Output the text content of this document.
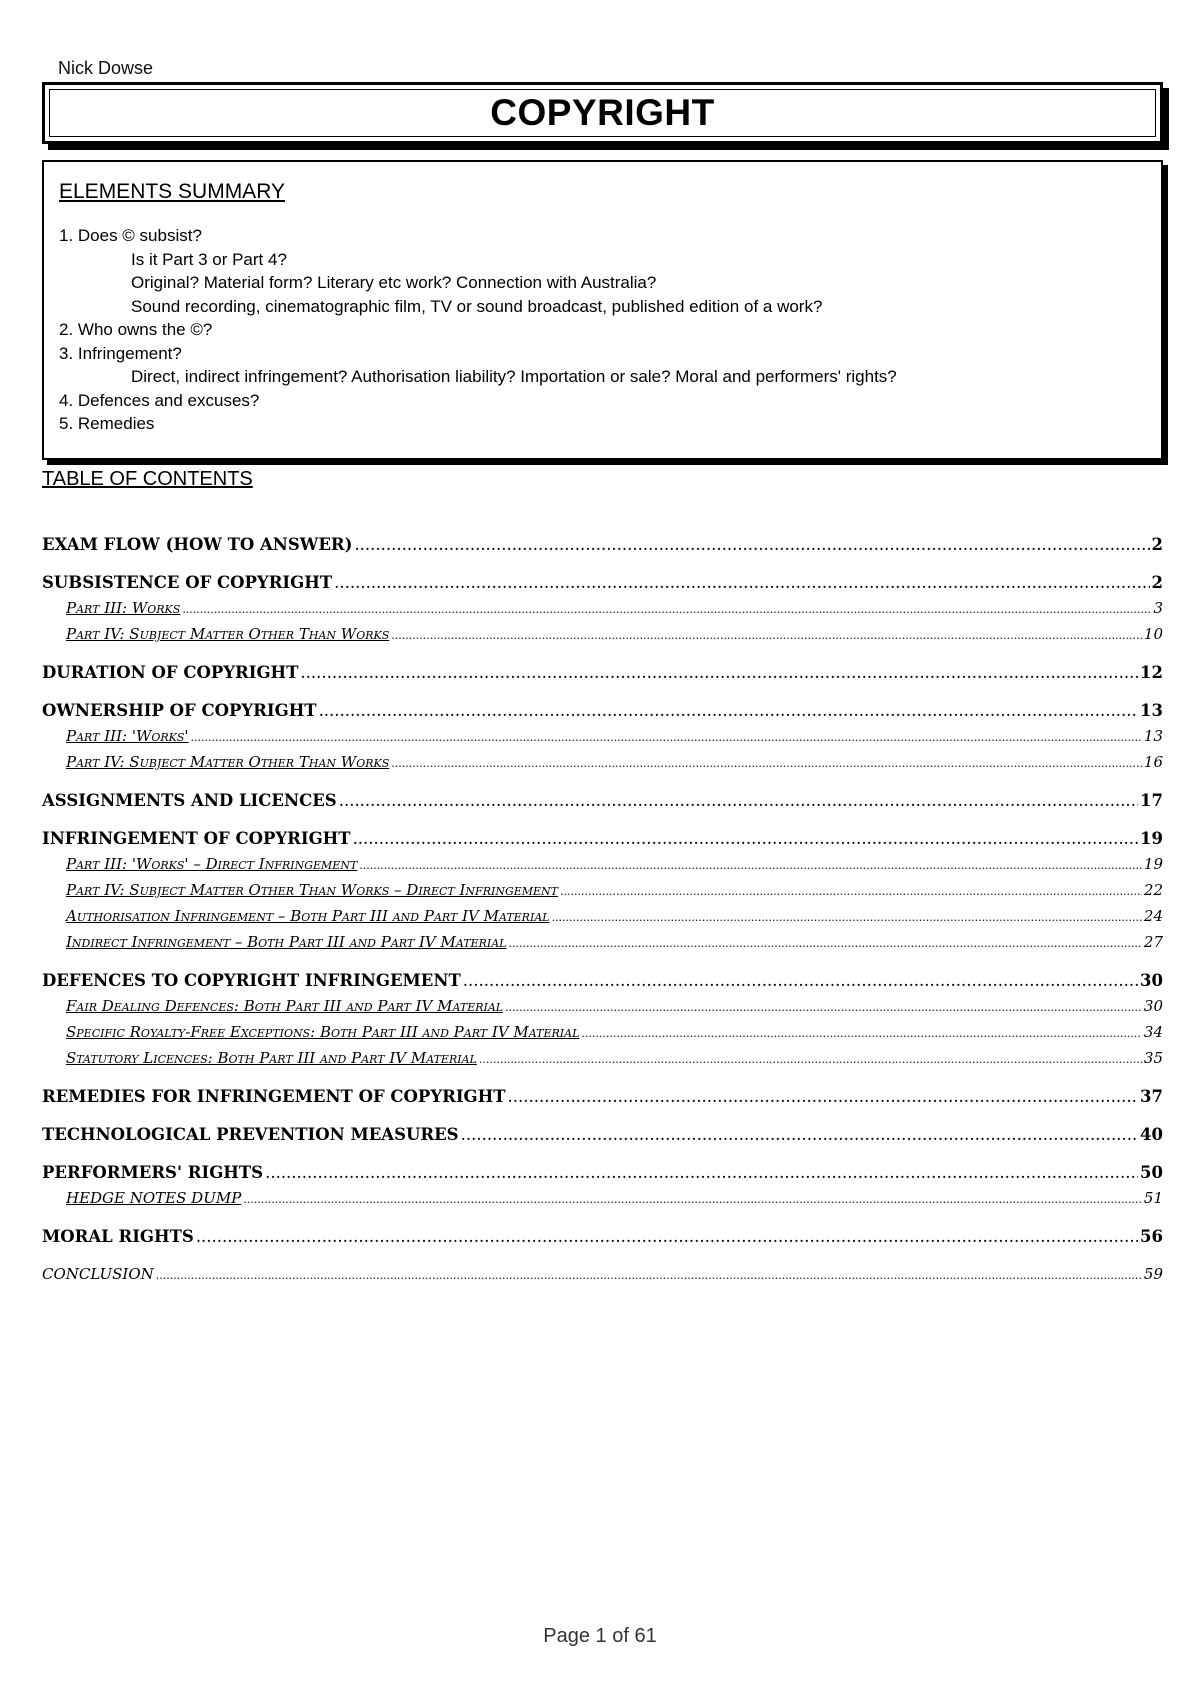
Nick Dowse
COPYRIGHT
ELEMENTS SUMMARY
1. Does © subsist?
Is it Part 3 or Part 4?
Original? Material form? Literary etc work? Connection with Australia?
Sound recording, cinematographic film, TV or sound broadcast, published edition of a work?
2. Who owns the ©?
3. Infringement?
Direct, indirect infringement? Authorisation liability? Importation or sale? Moral and performers' rights?
4. Defences and excuses?
5. Remedies
TABLE OF CONTENTS
EXAM FLOW (HOW TO ANSWER) .....	2
SUBSISTENCE OF COPYRIGHT .....	2
Part III: Works .....	3
Part IV: Subject Matter Other Than Works .....	10
DURATION OF COPYRIGHT .....	12
OWNERSHIP OF COPYRIGHT .....	13
Part III: 'Works' .....	13
Part IV: Subject Matter Other Than Works .....	16
ASSIGNMENTS AND LICENCES .....	17
INFRINGEMENT OF COPYRIGHT .....	19
Part III: 'Works' – Direct Infringement .....	19
Part IV: Subject Matter Other Than Works – Direct Infringement .....	22
Authorisation Infringement – Both Part III and Part IV Material .....	24
Indirect Infringement – Both Part III and Part IV Material .....	27
DEFENCES TO COPYRIGHT INFRINGEMENT .....	30
Fair Dealing Defences: Both Part III and Part IV Material .....	30
Specific Royalty-Free Exceptions: Both Part III and Part IV Material .....	34
Statutory Licences: Both Part III and Part IV Material .....	35
REMEDIES FOR INFRINGEMENT OF COPYRIGHT .....	37
TECHNOLOGICAL PREVENTION MEASURES .....	40
PERFORMERS' RIGHTS .....	50
HEDGE NOTES DUMP .....	51
MORAL RIGHTS .....	56
CONCLUSION .....	59
Page 1 of 61
